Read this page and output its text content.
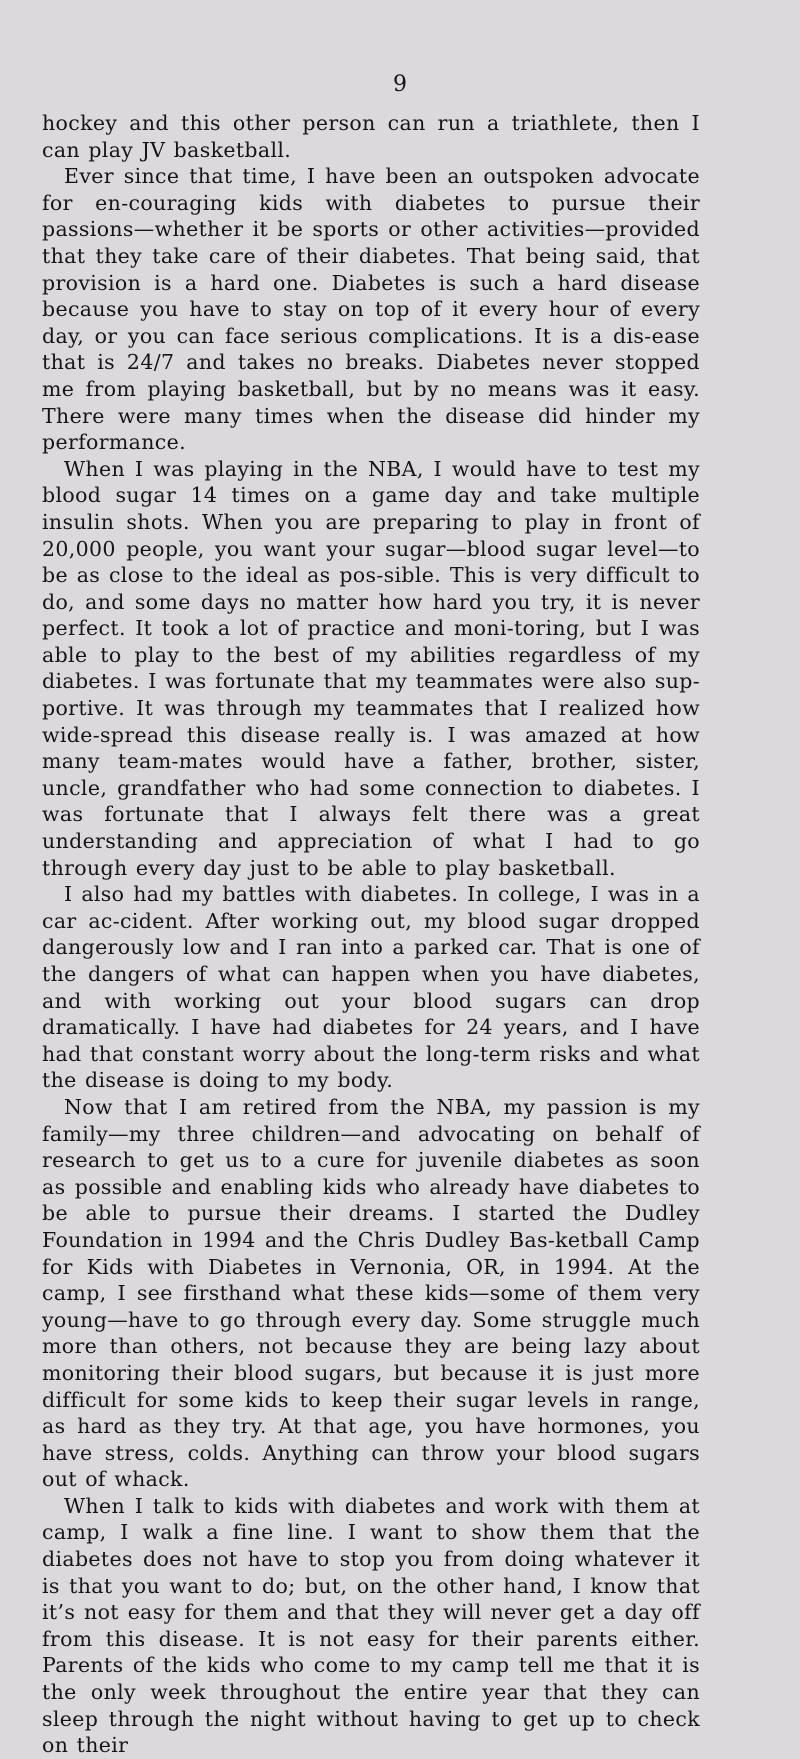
9

hockey and this other person can run a triathlete, then I can play JV basketball.

Ever since that time, I have been an outspoken advocate for en-couraging kids with diabetes to pursue their passions—whether it be sports or other activities—provided that they take care of their diabetes. That being said, that provision is a hard one. Diabetes is such a hard disease because you have to stay on top of it every hour of every day, or you can face serious complications. It is a dis-ease that is 24/7 and takes no breaks. Diabetes never stopped me from playing basketball, but by no means was it easy. There were many times when the disease did hinder my performance.

When I was playing in the NBA, I would have to test my blood sugar 14 times on a game day and take multiple insulin shots. When you are preparing to play in front of 20,000 people, you want your sugar—blood sugar level—to be as close to the ideal as pos-sible. This is very difficult to do, and some days no matter how hard you try, it is never perfect. It took a lot of practice and moni-toring, but I was able to play to the best of my abilities regardless of my diabetes. I was fortunate that my teammates were also sup-portive. It was through my teammates that I realized how wide-spread this disease really is. I was amazed at how many team-mates would have a father, brother, sister, uncle, grandfather who had some connection to diabetes. I was fortunate that I always felt there was a great understanding and appreciation of what I had to go through every day just to be able to play basketball.

I also had my battles with diabetes. In college, I was in a car ac-cident. After working out, my blood sugar dropped dangerously low and I ran into a parked car. That is one of the dangers of what can happen when you have diabetes, and with working out your blood sugars can drop dramatically. I have had diabetes for 24 years, and I have had that constant worry about the long-term risks and what the disease is doing to my body.

Now that I am retired from the NBA, my passion is my family—my three children—and advocating on behalf of research to get us to a cure for juvenile diabetes as soon as possible and enabling kids who already have diabetes to be able to pursue their dreams. I started the Dudley Foundation in 1994 and the Chris Dudley Bas-ketball Camp for Kids with Diabetes in Vernonia, OR, in 1994. At the camp, I see firsthand what these kids—some of them very young—have to go through every day. Some struggle much more than others, not because they are being lazy about monitoring their blood sugars, but because it is just more difficult for some kids to keep their sugar levels in range, as hard as they try. At that age, you have hormones, you have stress, colds. Anything can throw your blood sugars out of whack.

When I talk to kids with diabetes and work with them at camp, I walk a fine line. I want to show them that the diabetes does not have to stop you from doing whatever it is that you want to do; but, on the other hand, I know that it’s not easy for them and that they will never get a day off from this disease. It is not easy for their parents either. Parents of the kids who come to my camp tell me that it is the only week throughout the entire year that they can sleep through the night without having to get up to check on their
